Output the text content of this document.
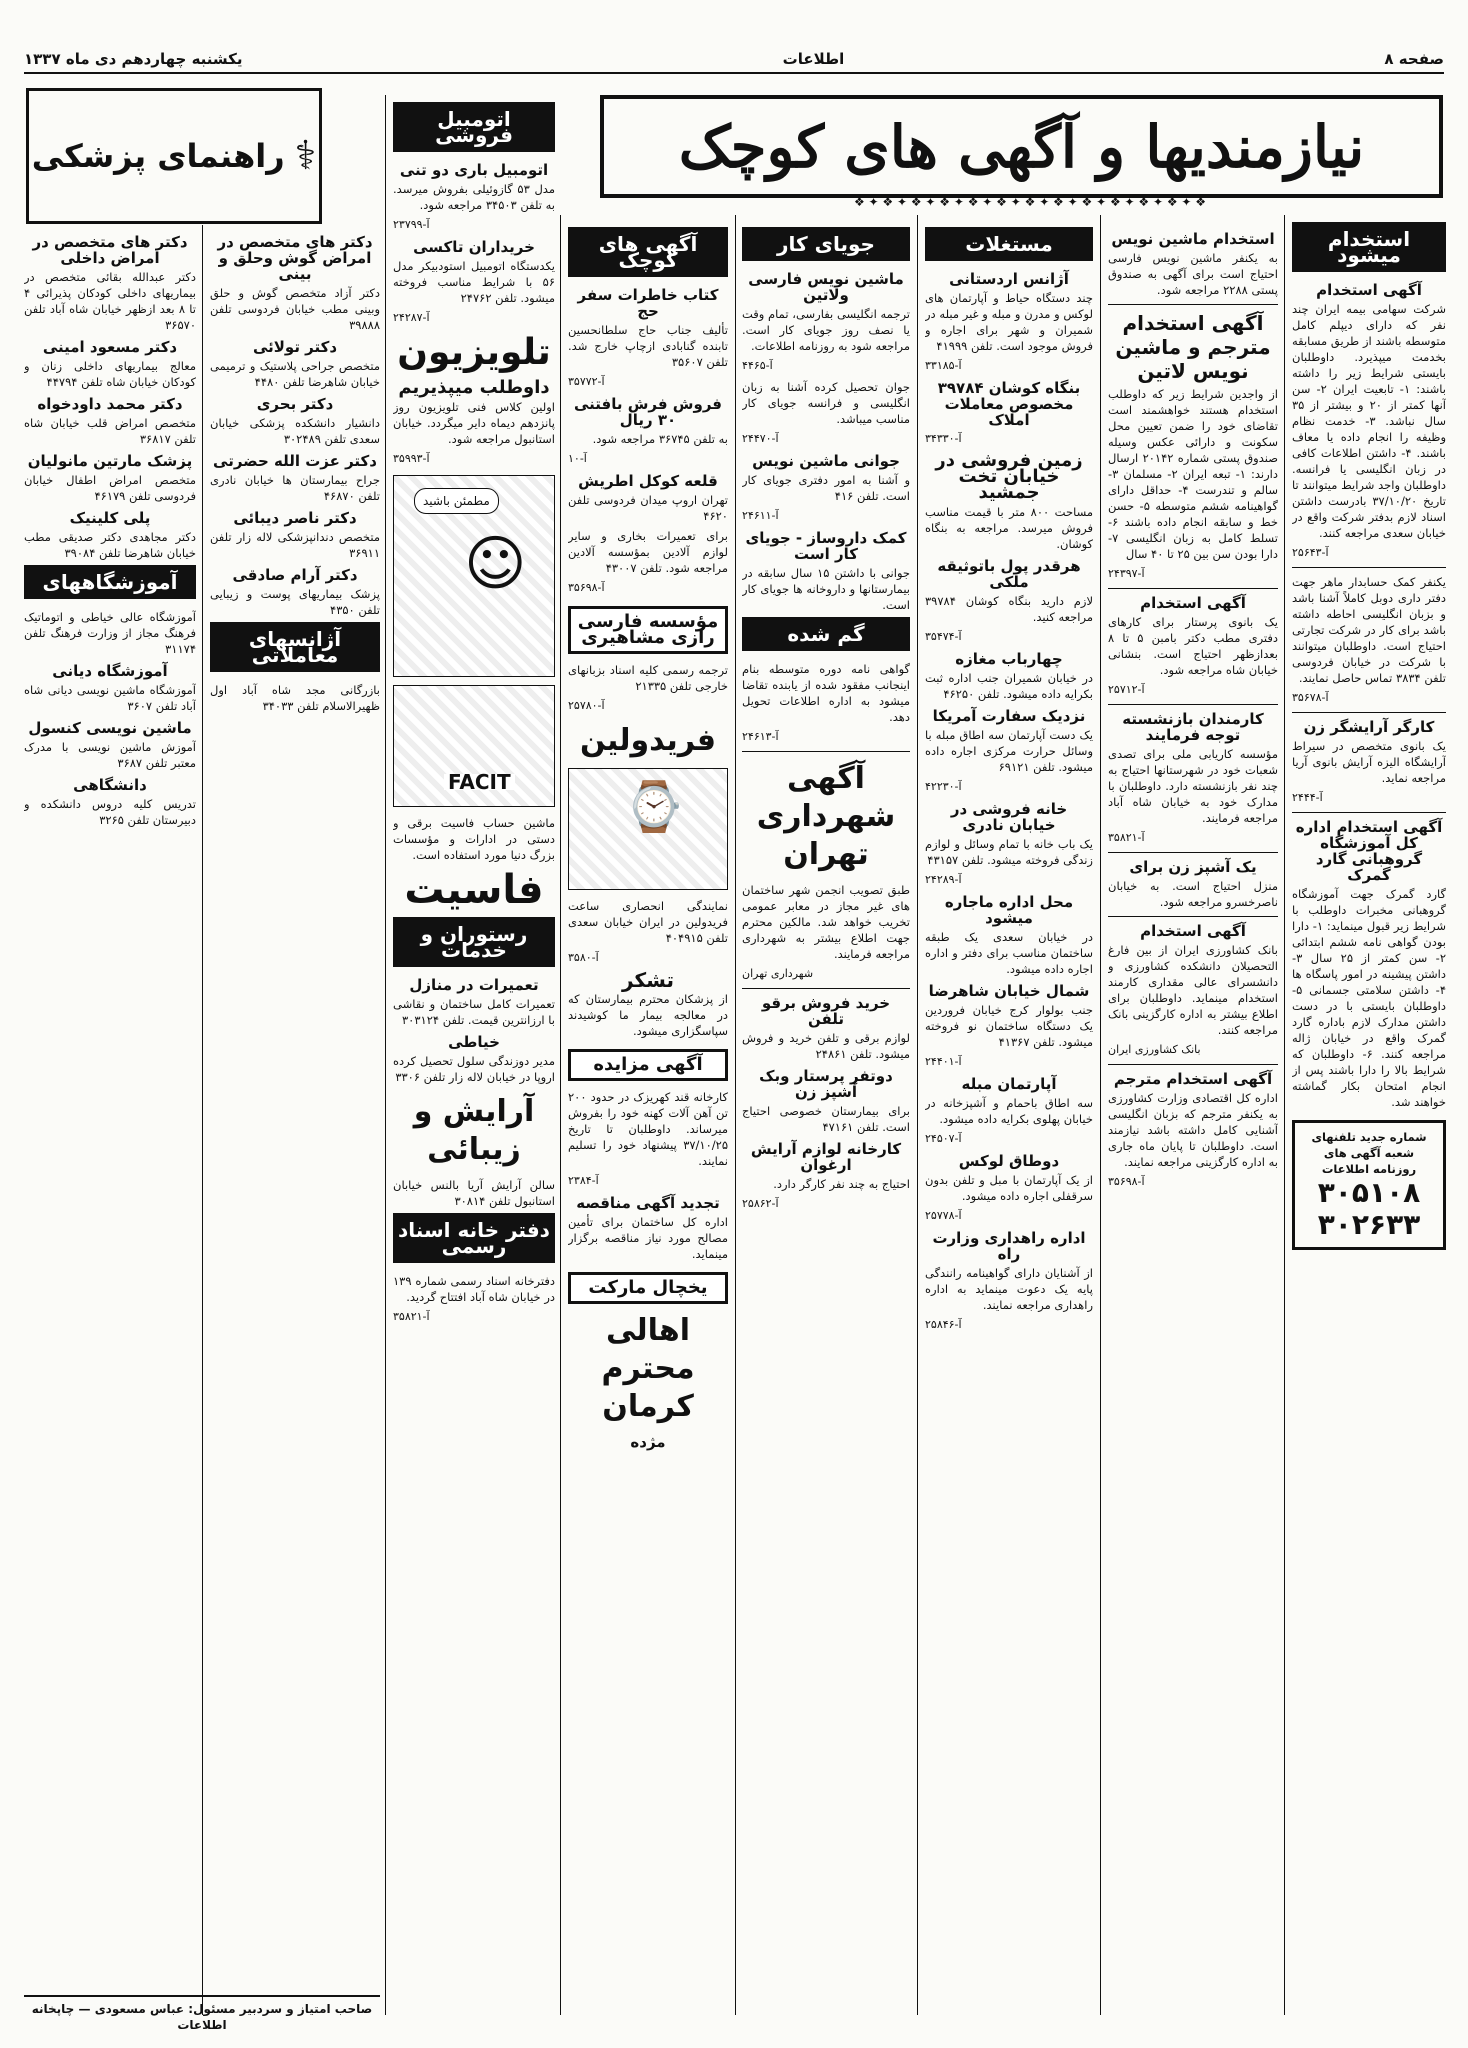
صفحه ۸
اطلاعات
یکشنبه چهاردهم دی ماه ۱۳۳۷
نیازمندیها و آگهی های کوچک
❖ ✦ ❖ ✦ ❖ ✦ ❖ ✦ ❖ ✦ ❖ ✦ ❖ ✦ ❖ ✦ ❖ ✦ ❖ ✦ ❖ ✦ ❖ ✦ ❖
⚕
راهنمای پزشکی
استخدام میشود
آگهی استخدام

شرکت سهامی بیمه ایران چند نفر که دارای دیپلم کامل متوسطه باشند از طریق مسابقه بخدمت میپذیرد. داوطلبان بایستی شرایط زیر را داشته باشند: ۱- تابعیت ایران ۲- سن آنها کمتر از ۲۰ و بیشتر از ۳۵ سال نباشد. ۳- خدمت نظام وظیفه را انجام داده یا معاف باشند. ۴- داشتن اطلاعات کافی در زبان انگلیسی یا فرانسه. داوطلبان واجد شرایط میتوانند تا تاریخ ۳۷/۱۰/۲۰ بادرست داشتن اسناد لازم بدفتر شرکت واقع در خیابان سعدی مراجعه کنند.

آ-۲۵۶۴۳

یکنفر کمک حسابدار ماهر جهت دفتر داری دوبل کاملاً آشنا باشد و بزبان انگلیسی احاطه داشته باشد برای کار در شرکت تجارتی احتیاج است. داوطلبان میتوانند با شرکت در خیابان فردوسی تلفن ۳۸۳۴ تماس حاصل نمایند.

آ-۳۵۶۷۸
کارگر آرایشگر زن

یک بانوی متخصص در سیراط آرایشگاه الیزه آرایش بانوی آریا مراجعه نماید.

آ-۲۴۴۴
آگهی استخدام اداره کل آموزشگاه گروهبانی گارد گمرک

گارد گمرک جهت آموزشگاه گروهبانی مخبرات داوطلب با شرایط زیر قبول مینماید: ۱- دارا بودن گواهی نامه ششم ابتدائی ۲- سن کمتر از ۲۵ سال ۳- داشتن پیشینه در امور پاسگاه ها ۴- داشتن سلامتی جسمانی ۵- داوطلبان بایستی با در دست داشتن مدارک لازم باداره گارد گمرک واقع در خیابان ژاله مراجعه کنند. ۶- داوطلبان که شرایط بالا را دارا باشند پس از انجام امتحان بکار گماشته خواهند شد.

شماره جدید تلفنهای
شعبه آگهی های
روزنامه اطلاعات
۳۰۵۱۰۸
۳۰۲۶۳۳
استخدام ماشین نویس

به یکنفر ماشین نویس فارسی احتیاج است برای آگهی به صندوق پستی ۲۲۸۸ مراجعه شود.

آگهی استخدام مترجم و ماشین نویس لاتین

از واجدین شرایط زیر که داوطلب استخدام هستند خواهشمند است تقاضای خود را ضمن تعیین محل سکونت و دارائی عکس وسیله صندوق پستی شماره ۲۰۱۴۲ ارسال دارند: ۱- تبعه ایران ۲- مسلمان ۳- سالم و تندرست ۴- حداقل دارای گواهینامه ششم متوسطه ۵- حسن خط و سابقه انجام داده باشند ۶- تسلط کامل به زبان انگلیسی ۷- دارا بودن سن بین ۲۵ تا ۴۰ سال

آ-۲۴۳۹۷
آگهی استخدام

یک بانوی پرستار برای کارهای دفتری مطب دکتر بامبن ۵ تا ۸ بعدازظهر احتیاج است. بنشانی خیابان شاه مراجعه شود.

آ-۲۵۷۱۲
کارمندان بازنشسته توجه فرمایند

مؤسسه کاریابی ملی برای تصدی شعبات خود در شهرستانها احتیاج به چند نفر بازنشسته دارد. داوطلبان با مدارک خود به خیابان شاه آباد مراجعه فرمایند.

آ-۳۵۸۲۱
یک آشپز زن برای

منزل احتیاج است. به خیابان ناصرخسرو مراجعه شود.

آگهی استخدام

بانک کشاورزی ایران از بین فارغ التحصیلان دانشکده کشاورزی و دانشسرای عالی مقداری کارمند استخدام مینماید. داوطلبان برای اطلاع بیشتر به اداره کارگزینی بانک مراجعه کنند.

بانک کشاورزی ایران
آگهی استخدام مترجم

اداره کل اقتصادی وزارت کشاورزی به یکنفر مترجم که بزبان انگلیسی آشنایی کامل داشته باشد نیازمند است. داوطلبان تا پایان ماه جاری به اداره کارگزینی مراجعه نمایند.

آ-۳۵۶۹۸
مستغلات
آژانس اردستانی

چند دستگاه حیاط و آپارتمان های لوکس و مدرن و مبله و غیر مبله در شمیران و شهر برای اجاره و فروش موجود است. تلفن ۴۱۹۹۹

آ-۳۳۱۸۵
بنگاه کوشان ۳۹۷۸۴ مخصوص معاملات املاک
آ-۳۴۳۳۰
زمین فروشی در خیابان تخت جمشید

مساحت ۸۰۰ متر با قیمت مناسب فروش میرسد. مراجعه به بنگاه کوشان.

هرقدر پول باتوثیقه ملکی

لازم دارید بنگاه کوشان ۳۹۷۸۴ مراجعه کنید.

آ-۳۵۴۷۴
چهارباب مغازه

در خیابان شمیران جنب اداره ثبت بکرایه داده میشود. تلفن ۴۶۲۵۰

نزدیک سفارت آمریکا

یک دست آپارتمان سه اطاق مبله با وسائل حرارت مرکزی اجاره داده میشود. تلفن ۶۹۱۲۱

آ-۴۲۲۳۰
خانه فروشی در خیابان نادری

یک باب خانه با تمام وسائل و لوازم زندگی فروخته میشود. تلفن ۴۳۱۵۷

آ-۲۴۲۸۹
محل اداره ماجاره میشود

در خیابان سعدی یک طبقه ساختمان مناسب برای دفتر و اداره اجاره داده میشود.

شمال خیابان شاهرضا

جنب بولوار کرج خیابان فروردین یک دستگاه ساختمان نو فروخته میشود. تلفن ۴۱۳۶۷

آ-۲۴۴۰۱
آپارتمان مبله

سه اطاق باحمام و آشپزخانه در خیابان پهلوی بکرایه داده میشود.

آ-۲۴۵۰۷
دوطاق لوکس

از یک آپارتمان با مبل و تلفن بدون سرقفلی اجاره داده میشود.

آ-۲۵۷۷۸
اداره راهداری وزارت راه

از آشنایان دارای گواهینامه رانندگی پایه یک دعوت مینماید به اداره راهداری مراجعه نمایند.

آ-۲۵۸۴۶
جویای کار
ماشین نویس فارسی ولاتین

ترجمه انگلیسی بفارسی، تمام وقت یا نصف روز جویای کار است. مراجعه شود به روزنامه اطلاعات.

آ-۴۴۶۵

جوان تحصیل کرده آشنا به زبان انگلیسی و فرانسه جویای کار مناسب میباشد.

آ-۲۴۴۷۰
جوانی ماشین نویس

و آشنا به امور دفتری جویای کار است. تلفن ۴۱۶

آ-۲۴۶۱۱
کمک داروساز - جویای کار است

جوانی با داشتن ۱۵ سال سابقه در بیمارستانها و داروخانه ها جویای کار است.

گم شده

گواهی نامه دوره متوسطه بنام اینجانب مفقود شده از یابنده تقاضا میشود به اداره اطلاعات تحویل دهد.

آ-۲۴۶۱۳
آگهی شهرداری تهران

طبق تصویب انجمن شهر ساختمان های غیر مجاز در معابر عمومی تخریب خواهد شد. مالکین محترم جهت اطلاع بیشتر به شهرداری مراجعه فرمایند.

شهرداری تهران
خرید فروش برقو تلفن

لوازم برقی و تلفن خرید و فروش میشود. تلفن ۲۴۸۶۱

دوتفر پرستار وبک آشپز زن

برای بیمارستان خصوصی احتیاج است. تلفن ۴۷۱۶۱

کارخانه لوازم آرایش ارغوان

احتیاج به چند نفر کارگر دارد.

آ-۲۵۸۶۲
آگهی های کوچک
کتاب خاطرات سفر حج

تألیف جناب حاج سلطانحسین تابنده گنابادی ازچاپ خارج شد. تلفن ۳۵۶۰۷

آ-۳۵۷۷۲
فروش فرش بافتنی ۳۰ ریال

به تلفن ۳۶۷۴۵ مراجعه شود.

آ-۱۰
قلعه کوکل اطریش

تهران اروپ میدان فردوسی تلفن ۴۶۲۰

برای تعمیرات بخاری و سایر لوازم آلادین بمؤسسه آلادین مراجعه شود. تلفن ۴۳۰۰۷

آ-۳۵۶۹۸
مؤسسه فارسی رازی مشاهیری

ترجمه رسمی کلیه اسناد بزبانهای خارجی تلفن ۲۱۳۳۵

آ-۲۵۷۸۰
فریدولین
⌚

نمایندگی انحصاری ساعت فریدولین در ایران خیابان سعدی تلفن ۴۰۴۹۱۵

آ-۳۵۸۰
تشکر

از پزشکان محترم بیمارستان که در معالجه بیمار ما کوشیدند سپاسگزاری میشود.

آگهی مزایده

کارخانه قند کهریزک در حدود ۲۰۰ تن آهن آلات کهنه خود را بفروش میرساند. داوطلبان تا تاریخ ۳۷/۱۰/۲۵ پیشنهاد خود را تسلیم نمایند.

آ-۲۳۸۴
تجدید آگهی مناقصه

اداره کل ساختمان برای تأمین مصالح مورد نیاز مناقصه برگزار مینماید.

یخچال مارکت
اهالی محترم کرمان
مژده
اتومبیل فروشی
اتومبیل باری دو تنی

مدل ۵۳ گازوئیلی بفروش میرسد. به تلفن ۳۴۵۰۳ مراجعه شود.

آ-۲۳۷۹۹
خریداران تاکسی

یکدستگاه اتومبیل استودبیکر مدل ۵۶ با شرایط مناسب فروخته میشود. تلفن ۲۴۷۶۲

آ-۲۴۲۸۷
تلویزیون
داوطلب میپذیریم

اولین کلاس فنی تلویزیون روز پانزدهم دیماه دایر میگردد. خیابان استانبول مراجعه شود.

آ-۳۵۹۹۳
مطمئن باشید
☺
FACIT

ماشین حساب فاسیت برقی و دستی در ادارات و مؤسسات بزرگ دنیا مورد استفاده است.

فاسیت
رستوران و خدمات
تعمیرات در منازل

تعمیرات کامل ساختمان و نقاشی با ارزانترین قیمت. تلفن ۳۰۳۱۲۴

خیاطی

مدیر دوزندگی سلول تحصیل کرده اروپا در خیابان لاله زار تلفن ۳۳۰۶

آرایش و زیبائی

سالن آرایش آریا بالنس خیابان استانبول تلفن ۳۰۸۱۴

دفتر خانه اسناد رسمی

دفترخانه اسناد رسمی شماره ۱۳۹ در خیابان شاه آباد افتتاح گردید.

آ-۳۵۸۲۱
دکتر های متخصص در امراض گوش وحلق و بینی

دکتر آزاد متخصص گوش و حلق وبینی مطب خیابان فردوسی تلفن ۳۹۸۸۸

دکتر تولائی

متخصص جراحی پلاستیک و ترمیمی خیابان شاهرضا تلفن ۴۴۸۰

دکتر بحری

دانشیار دانشکده پزشکی خیابان سعدی تلفن ۳۰۲۴۸۹

دکتر عزت الله حضرتی

جراح بیمارستان ها خیابان نادری تلفن ۴۶۸۷۰

دکتر ناصر دیبائی

متخصص دندانپزشکی لاله زار تلفن ۳۶۹۱۱

دکتر آرام صادقی

پزشک بیماریهای پوست و زیبایی تلفن ۴۳۵۰

آژانسهای معاملاتی

بازرگانی مجد شاه آباد اول ظهیرالاسلام تلفن ۳۴۰۳۳

دکتر های متخصص در امراض داخلی

دکتر عبدالله بقائی متخصص در بیماریهای داخلی کودکان پذیرائی ۴ تا ۸ بعد ازظهر خیابان شاه آباد تلفن ۳۶۵۷۰

دکتر مسعود امینی

معالج بیماریهای داخلی زنان و کودکان خیابان شاه تلفن ۴۴۷۹۴

دکتر محمد داودخواه

متخصص امراض قلب خیابان شاه تلفن ۳۶۸۱۷

پزشک مارتین مانولیان

متخصص امراض اطفال خیابان فردوسی تلفن ۴۶۱۷۹

پلی کلینیک

دکتر مجاهدی دکتر صدیقی مطب خیابان شاهرضا تلفن ۳۹۰۸۴

آموزشگاههای

آموزشگاه عالی خیاطی و اتوماتیک فرهنگ مجاز از وزارت فرهنگ تلفن ۳۱۱۷۴

آموزشگاه دیانی

آموزشگاه ماشین نویسی دیانی شاه آباد تلفن ۳۶۰۷

ماشین نویسی کنسول

آموزش ماشین نویسی با مدرک معتبر تلفن ۳۶۸۷

دانشگاهی

تدریس کلیه دروس دانشکده و دبیرستان تلفن ۳۲۶۵

صاحب امتیاز و سردبیر مسئول: عباس مسعودی — چاپخانه اطلاعات
